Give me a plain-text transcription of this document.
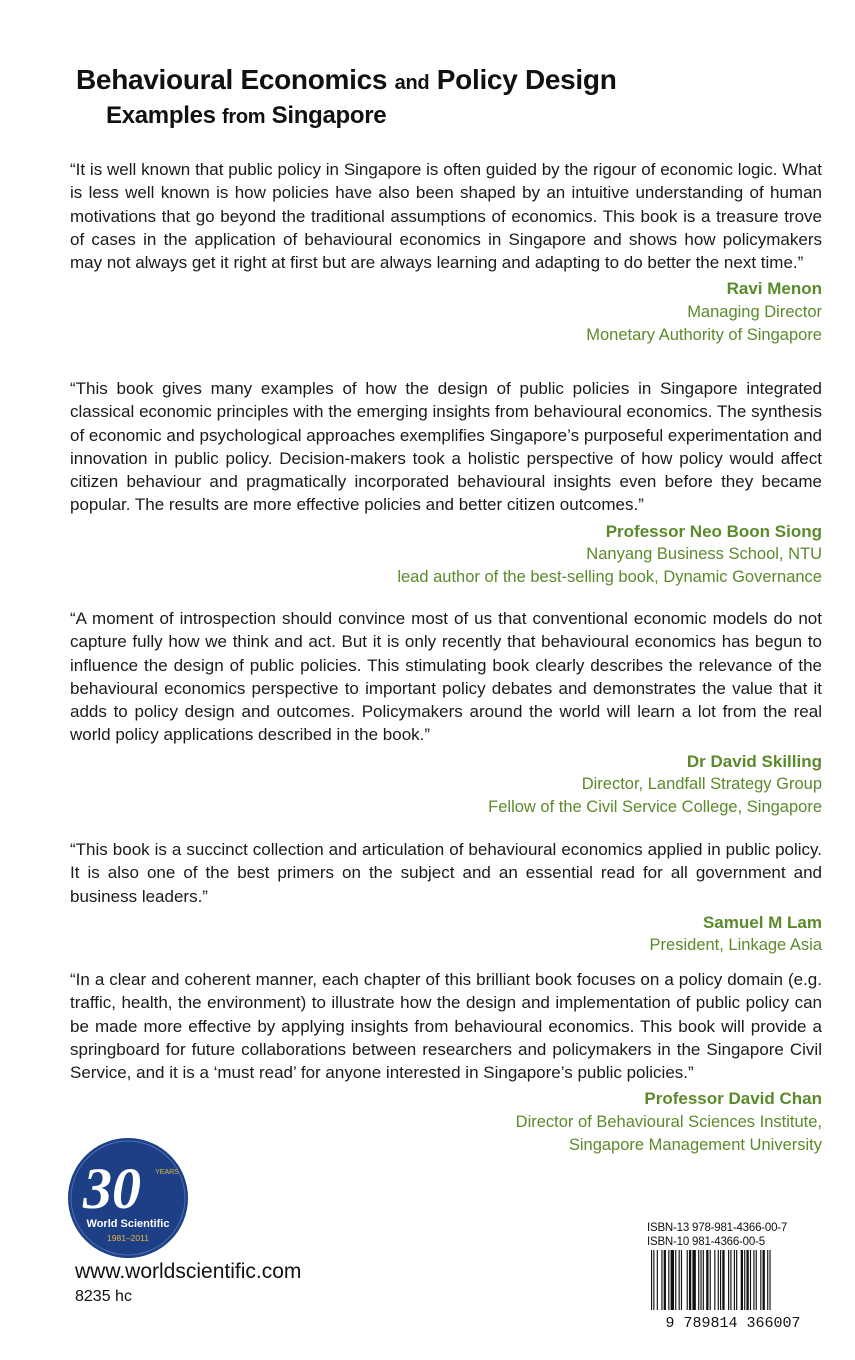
Behavioural Economics and Policy Design
Examples from Singapore

“It is well known that public policy in Singapore is often guided by the rigour of economic logic. What is less well known is how policies have also been shaped by an intuitive understanding of human motivations that go beyond the traditional assumptions of economics. This book is a treasure trove of cases in the application of behavioural economics in Singapore and shows how policymakers may not always get it right at first but are always learning and adapting to do better the next time.”

Ravi Menon
Managing Director
Monetary Authority of Singapore

“This book gives many examples of how the design of public policies in Singapore integrated classical economic principles with the emerging insights from behavioural economics. The synthesis of economic and psychological approaches exemplifies Singapore’s purposeful experimentation and innovation in public policy. Decision-makers took a holistic perspective of how policy would affect citizen behaviour and pragmatically incorporated behavioural insights even before they became popular. The results are more effective policies and better citizen outcomes.”

Professor Neo Boon Siong
Nanyang Business School, NTU
lead author of the best-selling book, Dynamic Governance

“A moment of introspection should convince most of us that conventional economic models do not capture fully how we think and act. But it is only recently that behavioural economics has begun to influence the design of public policies. This stimulating book clearly describes the relevance of the behavioural economics perspective to important policy debates and demonstrates the value that it adds to policy design and outcomes. Policymakers around the world will learn a lot from the real world policy applications described in the book.”

Dr David Skilling
Director, Landfall Strategy Group
Fellow of the Civil Service College, Singapore

“This book is a succinct collection and articulation of behavioural economics applied in public policy. It is also one of the best primers on the subject and an essential read for all government and business leaders.”

Samuel M Lam
President, Linkage Asia

“In a clear and coherent manner, each chapter of this brilliant book focuses on a policy domain (e.g. traffic, health, the environment) to illustrate how the design and implementation of public policy can be made more effective by applying insights from behavioural economics. This book will provide a springboard for future collaborations between researchers and policymakers in the Singapore Civil Service, and it is a ‘must read’ for anyone interested in Singapore’s public policies.”

Professor David Chan
Director of Behavioural Sciences Institute,
Singapore Management University
30 YEARS
World Scientific
1981–2011
www.worldscientific.com
8235 hc
ISBN-13 978-981-4366-00-7
ISBN-10 981-4366-00-5
9 789814 366007
